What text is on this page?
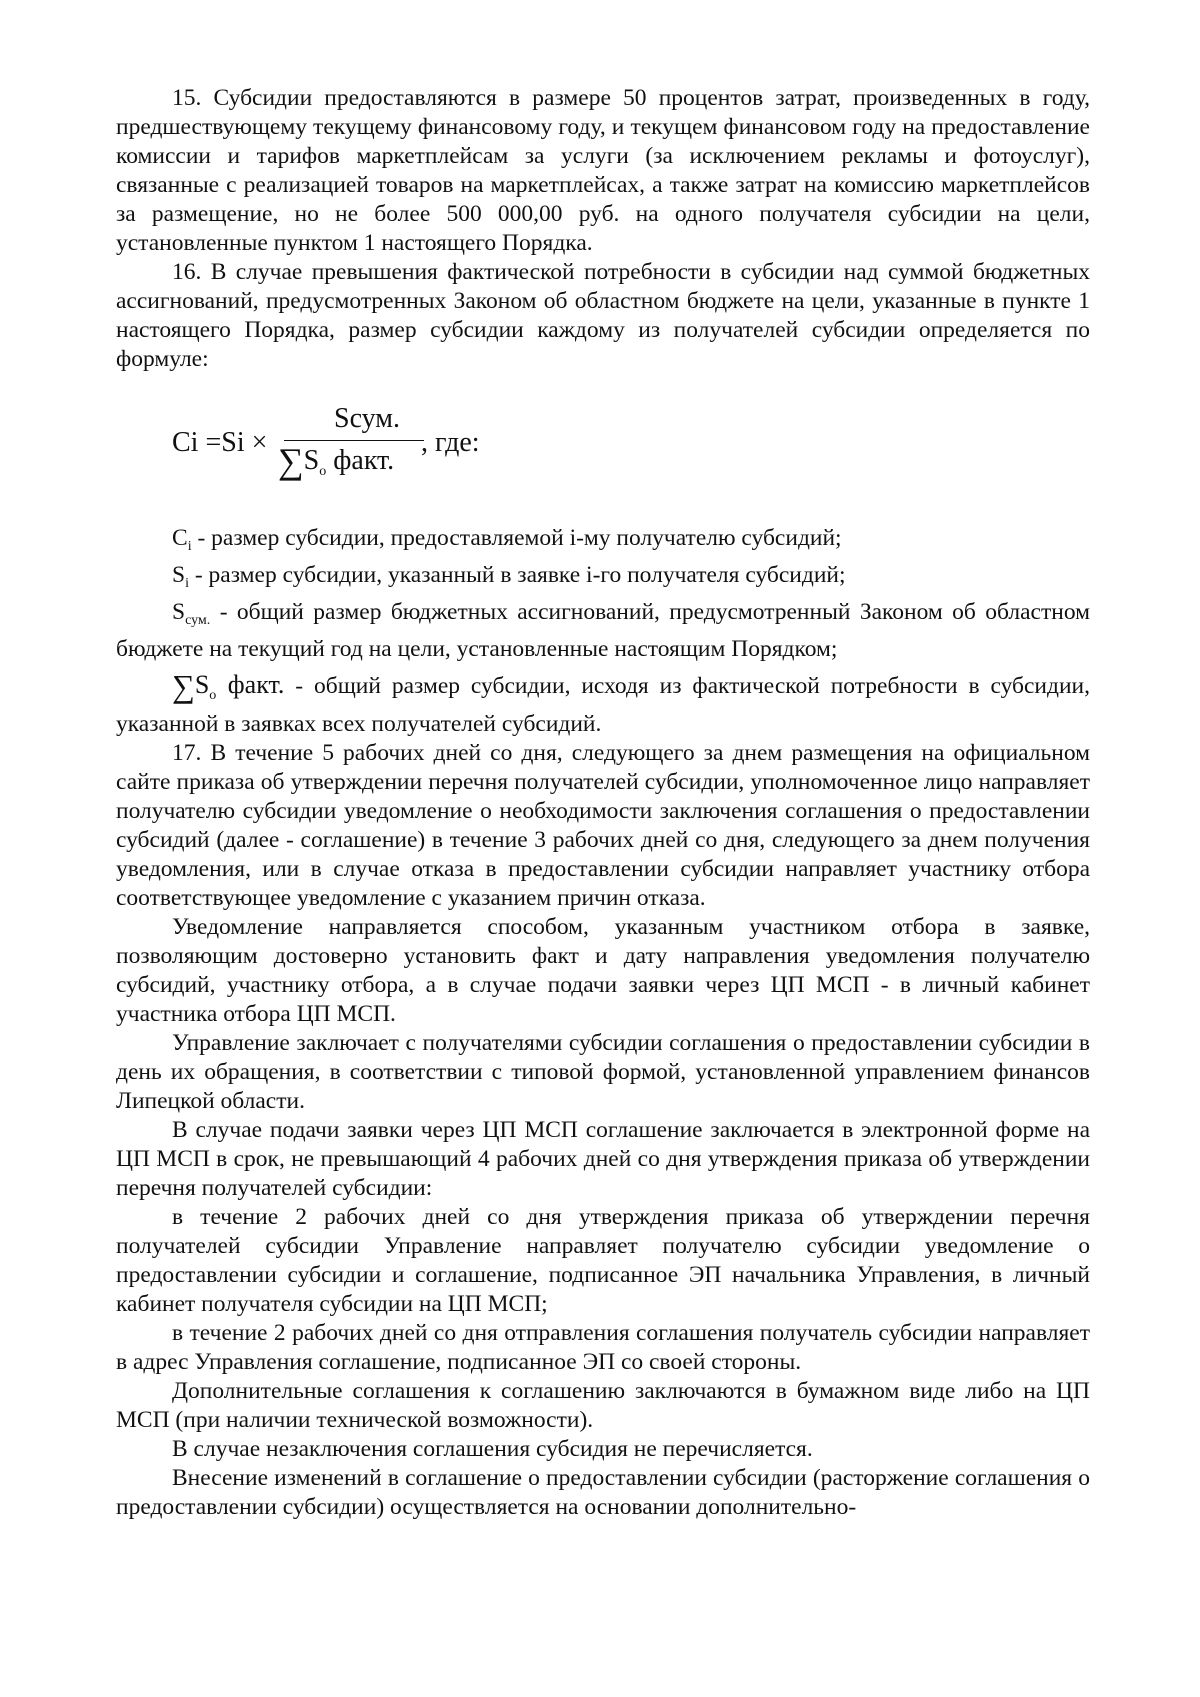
15. Субсидии предоставляются в размере 50 процентов затрат, произведенных в году, предшествующему текущему финансовому году, и текущем финансовом году на предоставление комиссии и тарифов маркетплейсам за услуги (за исключением рекламы и фотоуслуг), связанные с реализацией товаров на маркетплейсах, а также затрат на комиссию маркетплейсов за размещение, но не более 500 000,00 руб. на одного получателя субсидии на цели, установленные пунктом 1 настоящего Порядка.

16. В случае превышения фактической потребности в субсидии над суммой бюджетных ассигнований, предусмотренных Законом об областном бюджете на цели, указанные в пункте 1 настоящего Порядка, размер субсидии каждому из получателей субсидии определяется по формуле:

Ci =Si ×
Sсум.
$\sum S_o$ факт.
, где:

$C_i$ - размер субсидии, предоставляемой i-му получателю субсидий;

$S_i$ - размер субсидии, указанный в заявке i-го получателя субсидий;

$S_{сум.}$ - общий размер бюджетных ассигнований, предусмотренный Законом об областном бюджете на текущий год на цели, установленные настоящим Порядком;

$\sum S_o$ факт. - общий размер субсидии, исходя из фактической потребности в субсидии, указанной в заявках всех получателей субсидий.

17. В течение 5 рабочих дней со дня, следующего за днем размещения на официальном сайте приказа об утверждении перечня получателей субсидии, уполномоченное лицо направляет получателю субсидии уведомление о необходимости заключения соглашения о предоставлении субсидий (далее - соглашение) в течение 3 рабочих дней со дня, следующего за днем получения уведомления, или в случае отказа в предоставлении субсидии направляет участнику отбора соответствующее уведомление с указанием причин отказа.

Уведомление направляется способом, указанным участником отбора в заявке, позволяющим достоверно установить факт и дату направления уведомления получателю субсидий, участнику отбора, а в случае подачи заявки через ЦП МСП - в личный кабинет участника отбора ЦП МСП.

Управление заключает с получателями субсидии соглашения о предоставлении субсидии в день их обращения, в соответствии с типовой формой, установленной управлением финансов Липецкой области.

В случае подачи заявки через ЦП МСП соглашение заключается в электронной форме на ЦП МСП в срок, не превышающий 4 рабочих дней со дня утверждения приказа об утверждении перечня получателей субсидии:

в течение 2 рабочих дней со дня утверждения приказа об утверждении перечня получателей субсидии Управление направляет получателю субсидии уведомление о предоставлении субсидии и соглашение, подписанное ЭП начальника Управления, в личный кабинет получателя субсидии на ЦП МСП;

в течение 2 рабочих дней со дня отправления соглашения получатель субсидии направляет в адрес Управления соглашение, подписанное ЭП со своей стороны.

Дополнительные соглашения к соглашению заключаются в бумажном виде либо на ЦП МСП (при наличии технической возможности).

В случае незаключения соглашения субсидия не перечисляется.

Внесение изменений в соглашение о предоставлении субсидии (расторжение соглашения о предоставлении субсидии) осуществляется на основании дополнительно-
